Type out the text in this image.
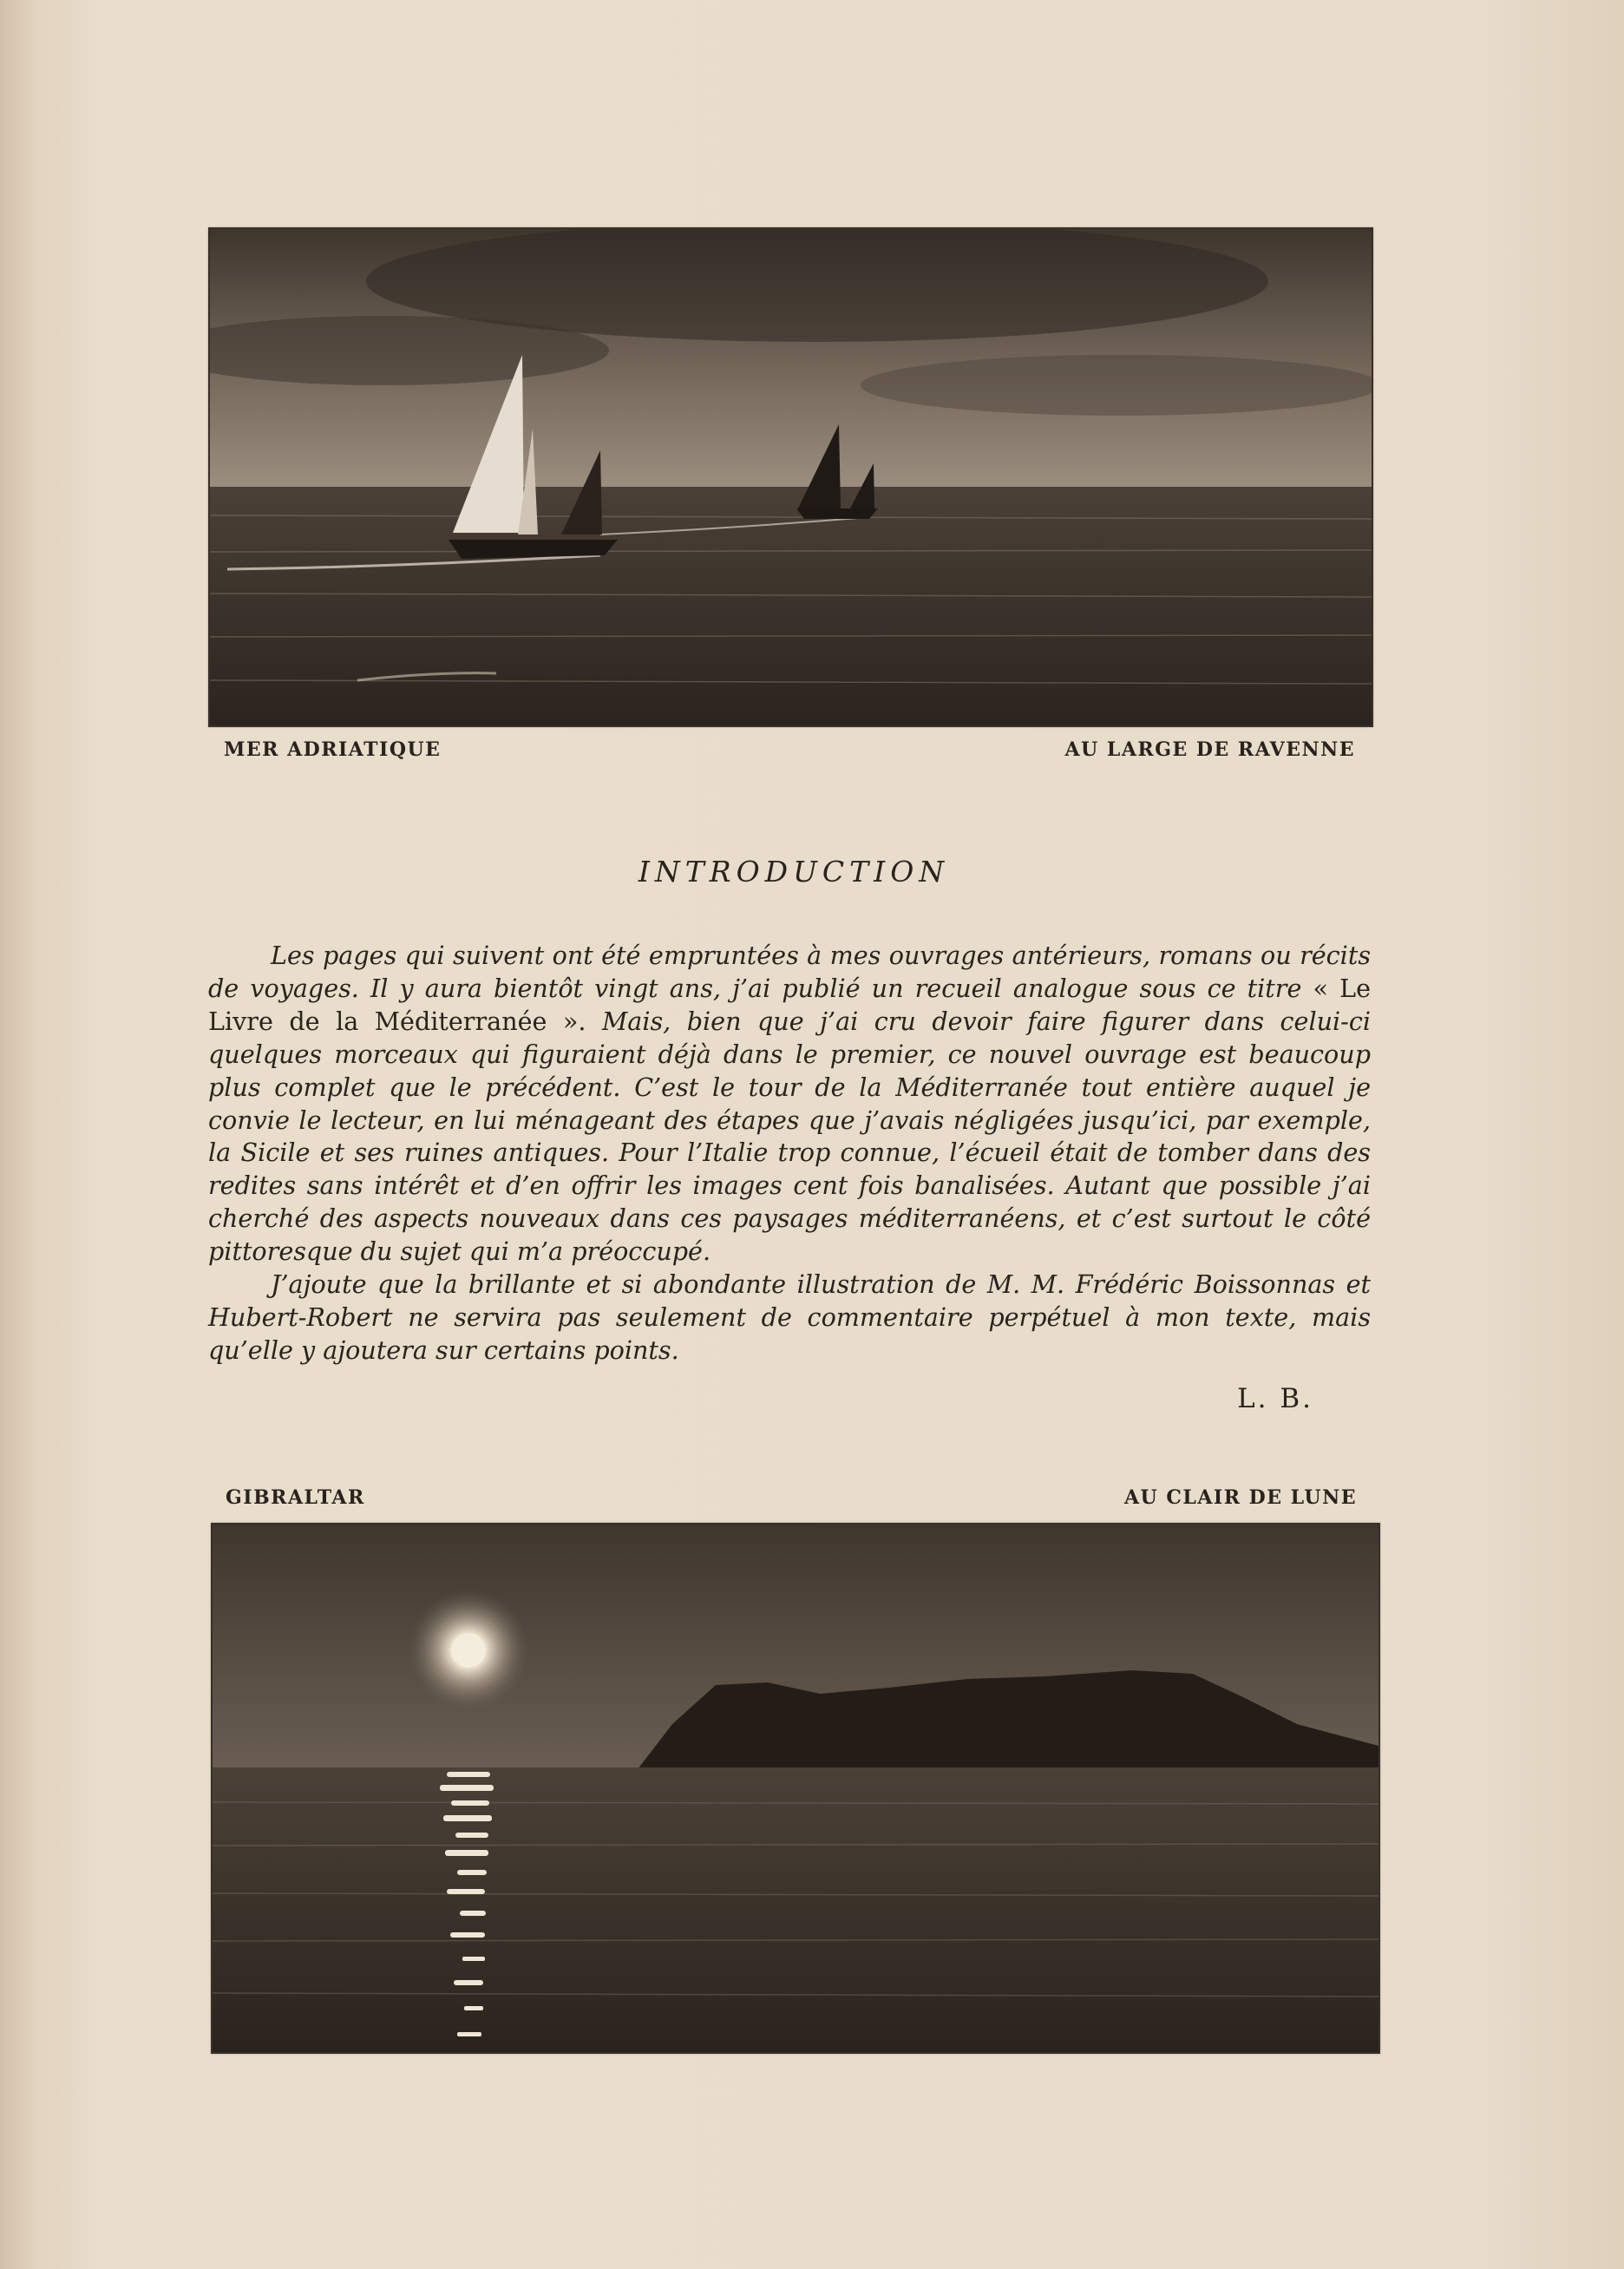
MER ADRIATIQUE	AU LARGE DE RAVENNE
INTRODUCTION

Les pages qui suivent ont été empruntées à mes ouvrages antérieurs, romans ou récits de voyages. Il y aura bientôt vingt ans, j’ai publié un recueil analogue sous ce titre « Le Livre de la Méditerranée ». Mais, bien que j’ai cru devoir faire figurer dans celui-ci quelques morceaux qui figuraient déjà dans le premier, ce nouvel ouvrage est beaucoup plus complet que le précédent. C’est le tour de la Méditerranée tout entière auquel je convie le lecteur, en lui ménageant des étapes que j’avais négligées jusqu’ici, par exemple, la Sicile et ses ruines antiques. Pour l’Italie trop connue, l’écueil était de tomber dans des redites sans intérêt et d’en offrir les images cent fois banalisées. Autant que possible j’ai cherché des aspects nouveaux dans ces paysages méditerranéens, et c’est surtout le côté pittoresque du sujet qui m’a préoccupé.

J’ajoute que la brillante et si abondante illustration de M. M. Frédéric Boissonnas et Hubert-Robert ne servira pas seulement de commentaire perpétuel à mon texte, mais qu’elle y ajoutera sur certains points.

L. B.
GIBRALTAR	AU CLAIR DE LUNE
